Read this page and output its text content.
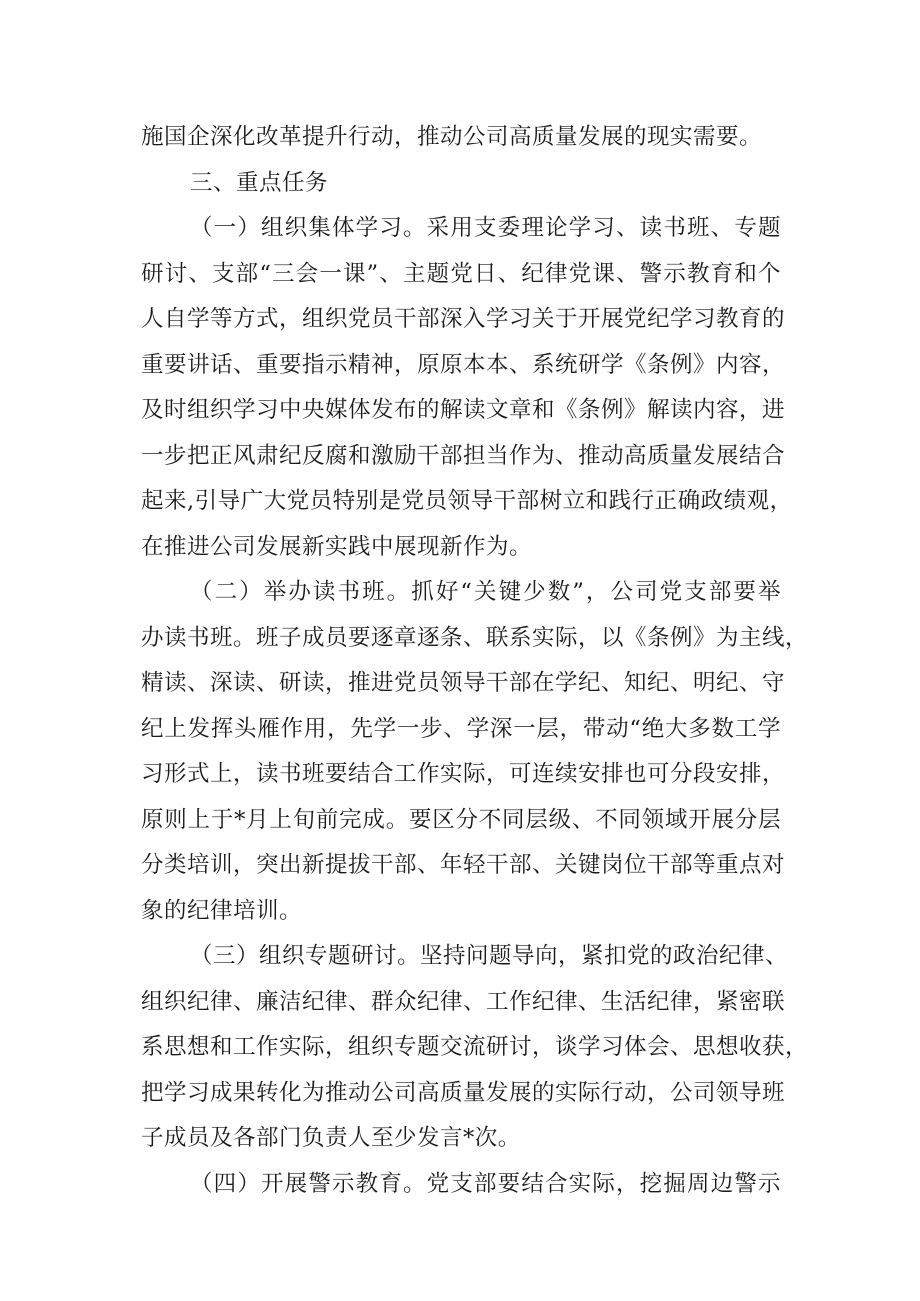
施国企深化改革提升行动，推动公司高质量发展的现实需要。
三、重点任务
（一）组织集体学习。采用支委理论学习、读书班、专题
研讨、支部“三会一课”、主题党日、纪律党课、警示教育和个
人自学等方式，组织党员干部深入学习关于开展党纪学习教育的
重要讲话、重要指示精神，原原本本、系统研学《条例》内容，
及时组织学习中央媒体发布的解读文章和《条例》解读内容，进
一步把正风肃纪反腐和激励干部担当作为、推动高质量发展结合
起来,引导广大党员特别是党员领导干部树立和践行正确政绩观，
在推进公司发展新实践中展现新作为。
（二）举办读书班。抓好“关键少数”，公司党支部要举
办读书班。班子成员要逐章逐条、联系实际，以《条例》为主线，
精读、深读、研读，推进党员领导干部在学纪、知纪、明纪、守
纪上发挥头雁作用，先学一步、学深一层，带动“绝大多数工学
习形式上，读书班要结合工作实际，可连续安排也可分段安排，
原则上于*月上旬前完成。要区分不同层级、不同领域开展分层
分类培训，突出新提拔干部、年轻干部、关键岗位干部等重点对
象的纪律培训。
（三）组织专题研讨。坚持问题导向，紧扣党的政治纪律、
组织纪律、廉洁纪律、群众纪律、工作纪律、生活纪律，紧密联
系思想和工作实际，组织专题交流研讨，谈学习体会、思想收获，
把学习成果转化为推动公司高质量发展的实际行动，公司领导班
子成员及各部门负责人至少发言*次。
（四）开展警示教育。党支部要结合实际，挖掘周边警示
